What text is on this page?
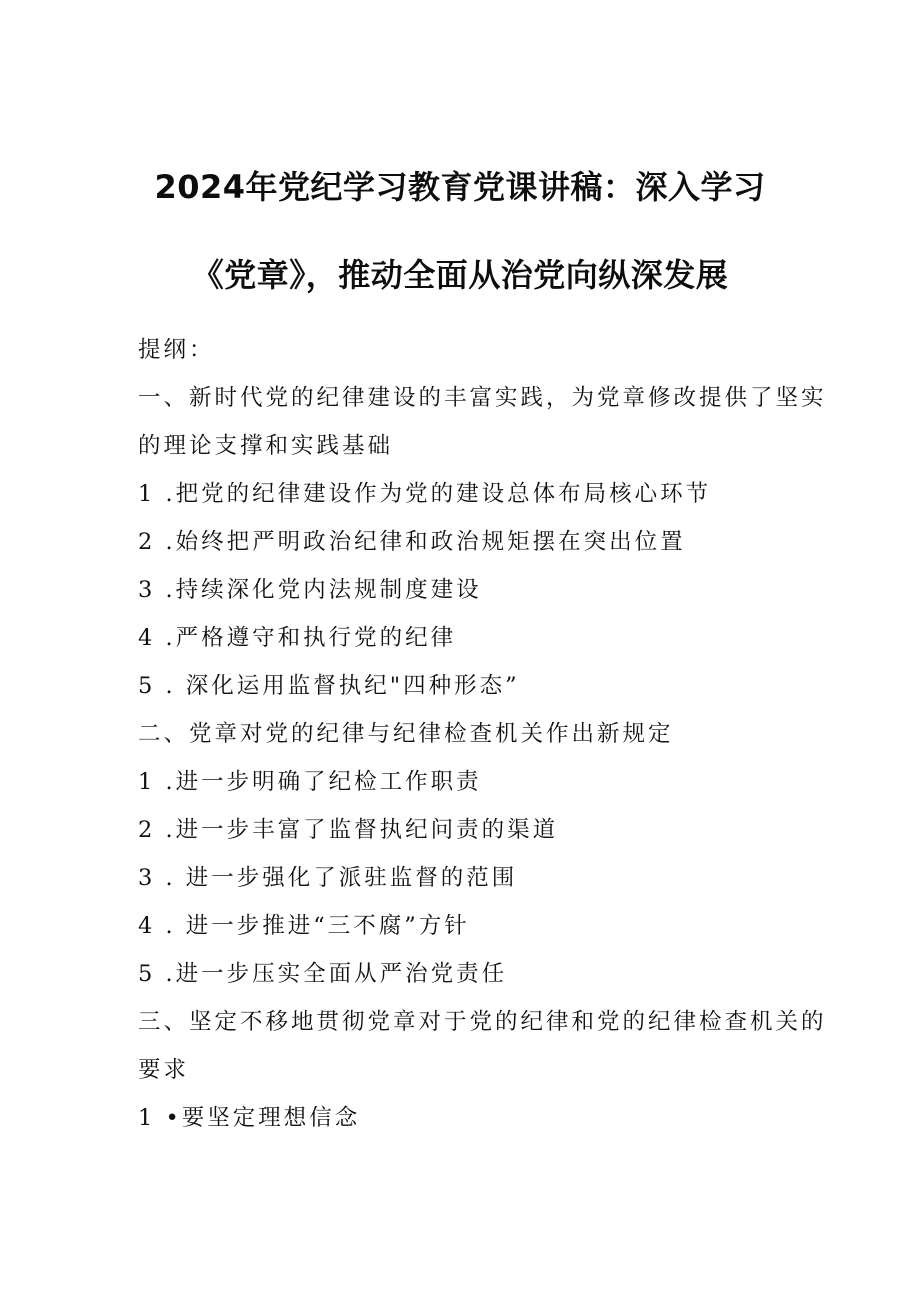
2024年党纪学习教育党课讲稿：深入学习
《党章》，推动全面从治党向纵深发展
提纲：
一、新时代党的纪律建设的丰富实践，为党章修改提供了坚实
的理论支撑和实践基础
1 .把党的纪律建设作为党的建设总体布局核心环节
2 .始终把严明政治纪律和政治规矩摆在突出位置
3 .持续深化党内法规制度建设
4 .严格遵守和执行党的纪律
5 . 深化运用监督执纪"四种形态”
二、党章对党的纪律与纪律检查机关作出新规定
1 .进一步明确了纪检工作职责
2 .进一步丰富了监督执纪问责的渠道
3 . 进一步强化了派驻监督的范围
4 . 进一步推进“三不腐”方针
5 .进一步压实全面从严治党责任
三、坚定不移地贯彻党章对于党的纪律和党的纪律检查机关的
要求
1 •要坚定理想信念
